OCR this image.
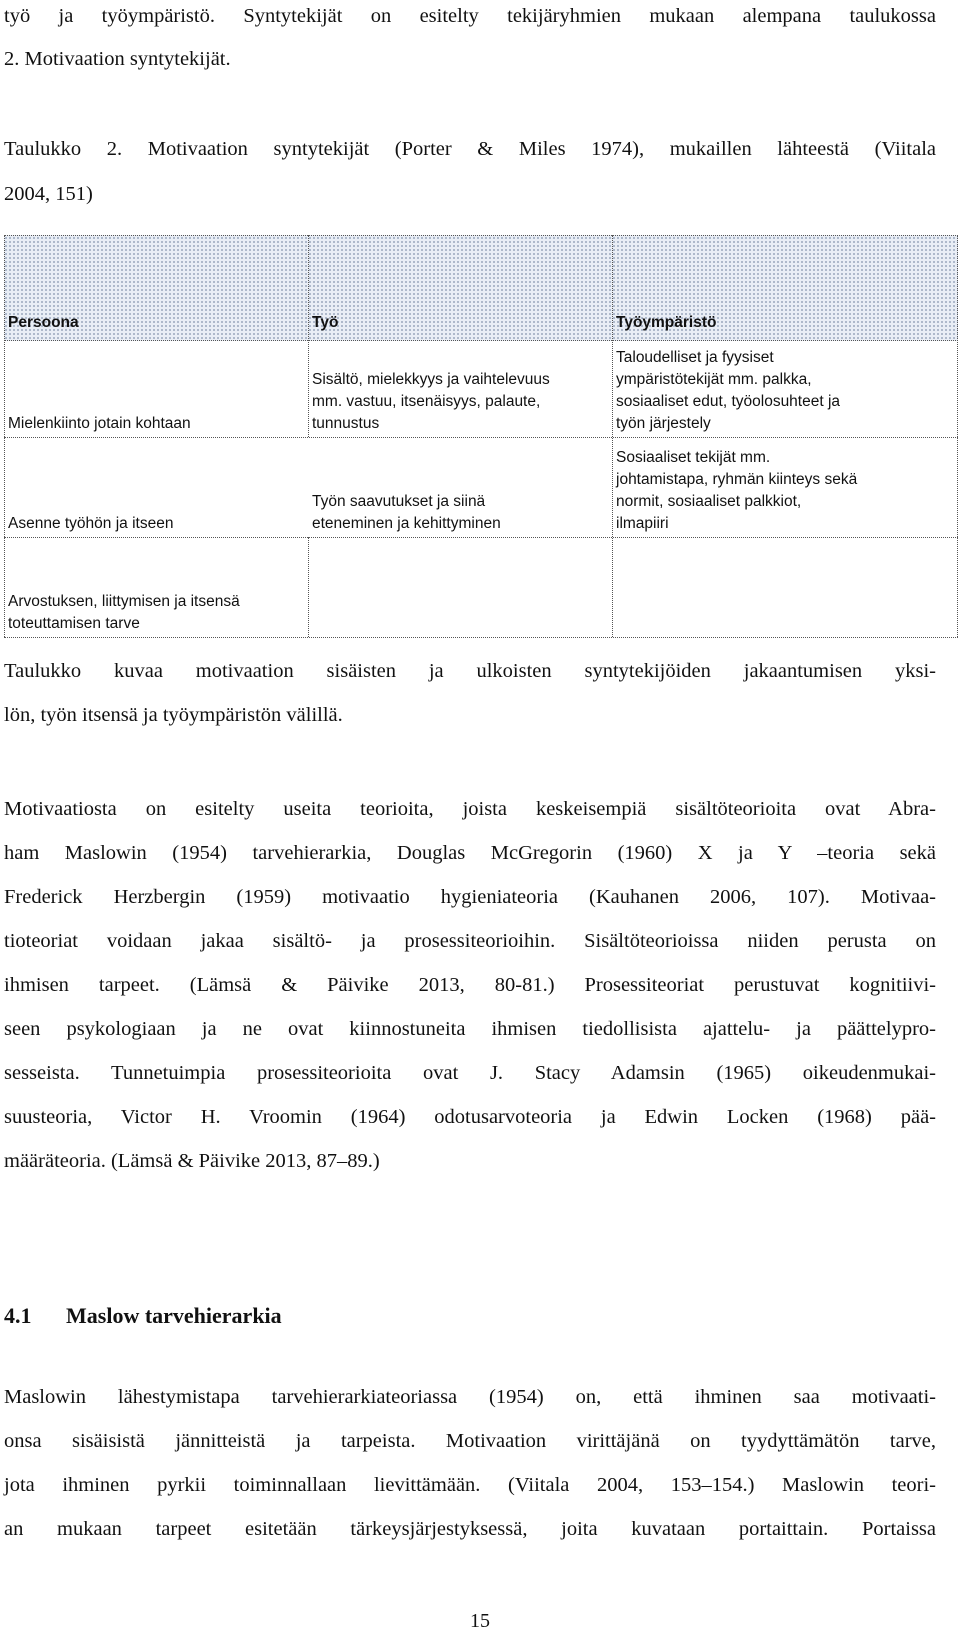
työ ja työympäristö. Syntytekijät on esitelty tekijäryhmien mukaan alempana taulukossa

2. Motivaation syntytekijät.

Taulukko 2. Motivaation syntytekijät (Porter & Miles 1974), mukaillen lähteestä (Viitala

2004, 151)

Persoona	Työ	Työympäristö
Mielenkiinto jotain kohtaan
Sisältö, mielekkyys ja vaihtelevuus
mm. vastuu, itsenäisyys, palaute,
tunnustus
Taloudelliset ja fyysiset
ympäristötekijät mm. palkka,
sosiaaliset edut, työolosuhteet ja
työn järjestely
Asenne työhön ja itseen
Työn saavutukset ja siinä
eteneminen ja kehittyminen
Sosiaaliset tekijät mm.
johtamistapa, ryhmän kiinteys sekä
normit, sosiaaliset palkkiot,
ilmapiiri
Arvostuksen, liittymisen ja itsensä
toteuttamisen tarve

Taulukko kuvaa motivaation sisäisten ja ulkoisten syntytekijöiden jakaantumisen yksi-

lön, työn itsensä ja työympäristön välillä.

Motivaatiosta on esitelty useita teorioita, joista keskeisempiä sisältöteorioita ovat Abra-

ham Maslowin (1954) tarvehierarkia, Douglas McGregorin (1960) X ja Y –teoria sekä

Frederick Herzbergin (1959) motivaatio hygieniateoria (Kauhanen 2006, 107). Motivaa-

tioteoriat voidaan jakaa sisältö- ja prosessiteorioihin. Sisältöteorioissa niiden perusta on

ihmisen tarpeet. (Lämsä & Päivike 2013, 80-81.) Prosessiteoriat perustuvat kognitiivi-

seen psykologiaan ja ne ovat kiinnostuneita ihmisen tiedollisista ajattelu- ja päättelypro-

sesseista. Tunnetuimpia prosessiteorioita ovat J. Stacy Adamsin (1965) oikeudenmukai-

suusteoria, Victor H. Vroomin (1964) odotusarvoteoria ja Edwin Locken (1968) pää-

määräteoria. (Lämsä & Päivike 2013, 87–89.)

4.1 Maslow tarvehierarkia

Maslowin lähestymistapa tarvehierarkiateoriassa (1954) on, että ihminen saa motivaati-

onsa sisäisistä jännitteistä ja tarpeista. Motivaation virittäjänä on tyydyttämätön tarve,

jota ihminen pyrkii toiminnallaan lievittämään. (Viitala 2004, 153–154.) Maslowin teori-

an mukaan tarpeet esitetään tärkeysjärjestyksessä, joita kuvataan portaittain. Portaissa

15
